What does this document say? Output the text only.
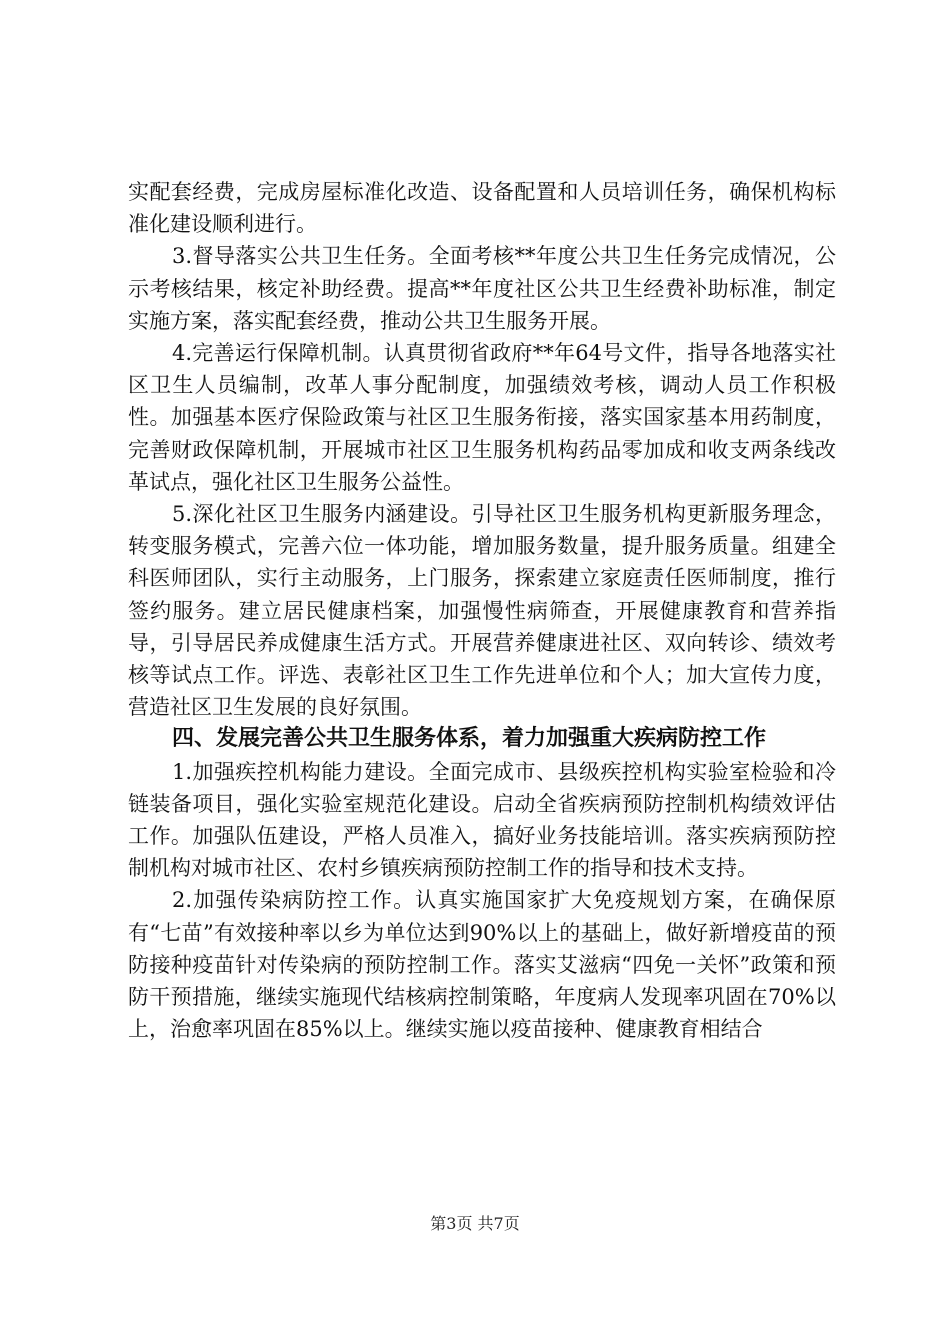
实配套经费，完成房屋标准化改造、设备配置和人员培训任务，确保机构标准化建设顺利进行。

3.督导落实公共卫生任务。全面考核**年度公共卫生任务完成情况，公示考核结果，核定补助经费。提高**年度社区公共卫生经费补助标准，制定实施方案，落实配套经费，推动公共卫生服务开展。

4.完善运行保障机制。认真贯彻省政府**年64号文件，指导各地落实社区卫生人员编制，改革人事分配制度，加强绩效考核，调动人员工作积极性。加强基本医疗保险政策与社区卫生服务衔接，落实国家基本用药制度，完善财政保障机制，开展城市社区卫生服务机构药品零加成和收支两条线改革试点，强化社区卫生服务公益性。

5.深化社区卫生服务内涵建设。引导社区卫生服务机构更新服务理念，转变服务模式，完善六位一体功能，增加服务数量，提升服务质量。组建全科医师团队，实行主动服务，上门服务，探索建立家庭责任医师制度，推行签约服务。建立居民健康档案，加强慢性病筛查，开展健康教育和营养指导，引导居民养成健康生活方式。开展营养健康进社区、双向转诊、绩效考核等试点工作。评选、表彰社区卫生工作先进单位和个人；加大宣传力度，营造社区卫生发展的良好氛围。

四、发展完善公共卫生服务体系，着力加强重大疾病防控工作

1.加强疾控机构能力建设。全面完成市、县级疾控机构实验室检验和冷链装备项目，强化实验室规范化建设。启动全省疾病预防控制机构绩效评估工作。加强队伍建设，严格人员准入，搞好业务技能培训。落实疾病预防控制机构对城市社区、农村乡镇疾病预防控制工作的指导和技术支持。

2.加强传染病防控工作。认真实施国家扩大免疫规划方案，在确保原有“七苗”有效接种率以乡为单位达到90%以上的基础上，做好新增疫苗的预防接种疫苗针对传染病的预防控制工作。落实艾滋病“四免一关怀”政策和预防干预措施，继续实施现代结核病控制策略，年度病人发现率巩固在70%以上，治愈率巩固在85%以上。继续实施以疫苗接种、健康教育相结合

第3页 共7页
